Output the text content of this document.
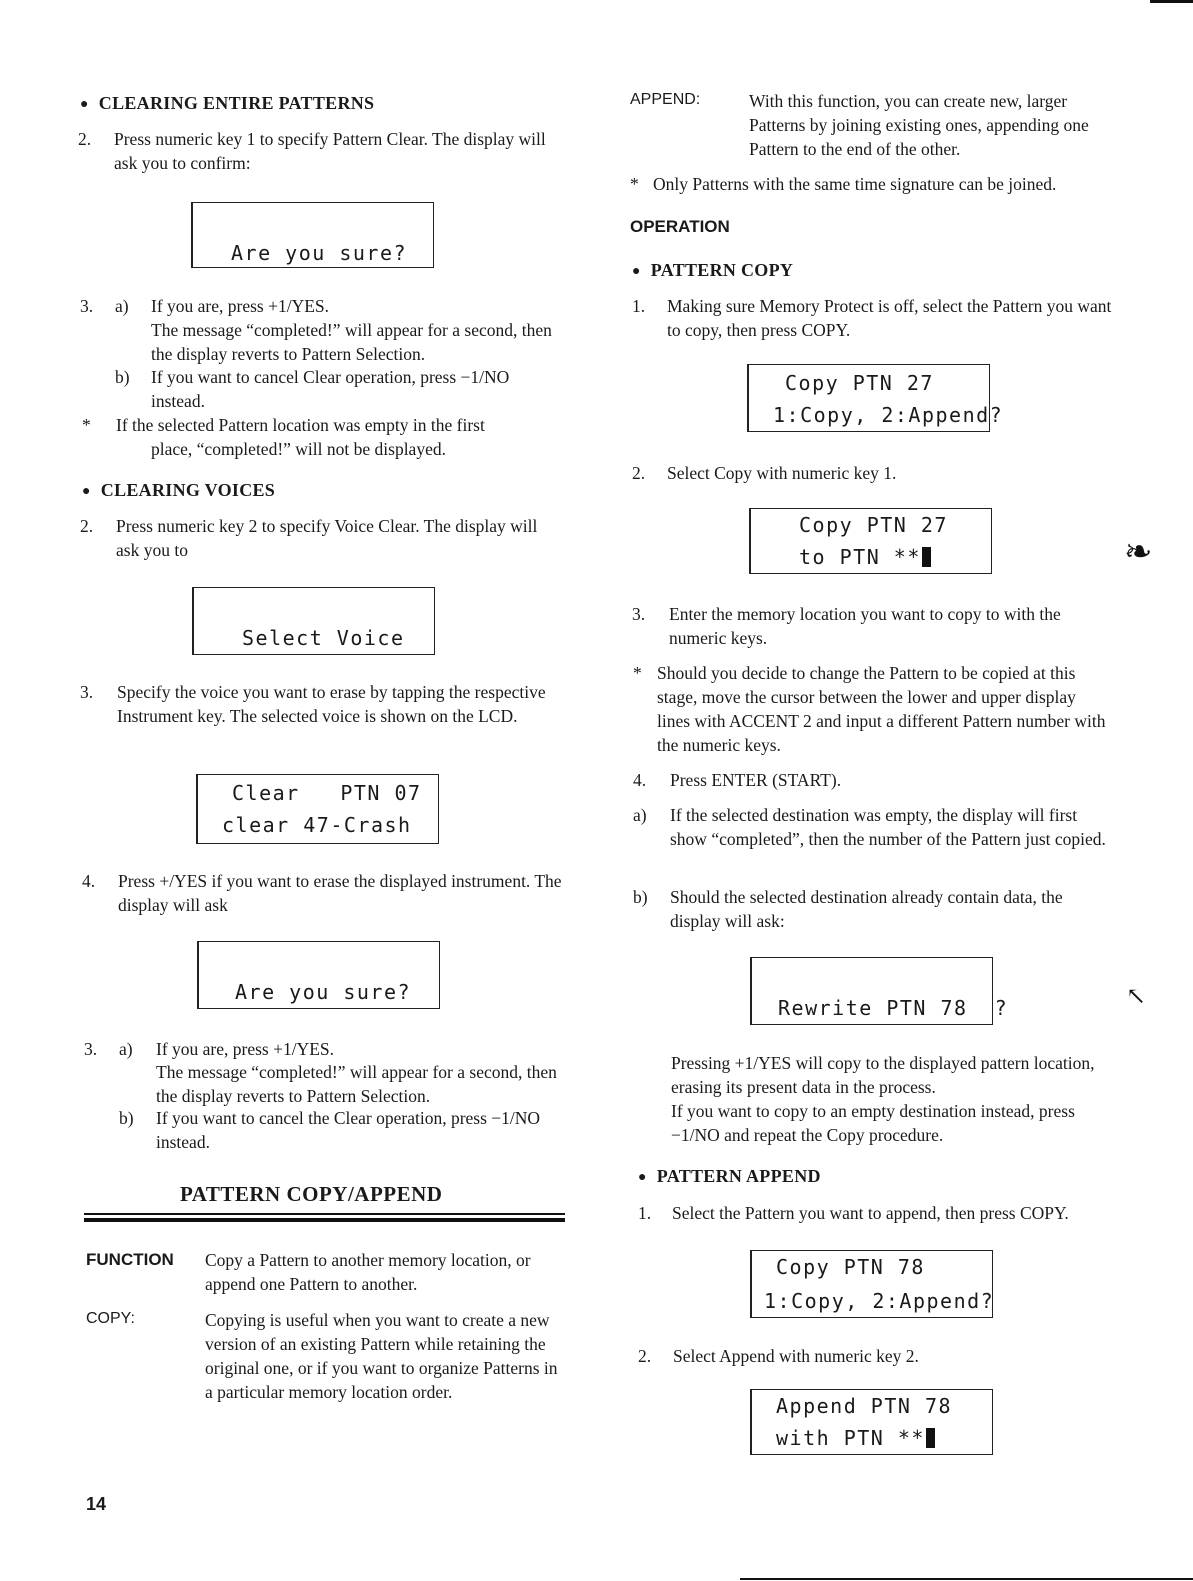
● CLEARING ENTIRE PATTERNS
2. Press numeric key 1 to specify Pattern Clear. The display will ask you to confirm:
Are you sure?
3. a) If you are, press +1/YES.
The message “completed!” will appear for a second, then the display reverts to Pattern Selection.
b) If you want to cancel Clear operation, press −1/NO instead.
* If the selected Pattern location was empty in the first
place, “completed!” will not be displayed.
● CLEARING VOICES
2. Press numeric key 2 to specify Voice Clear. The display will ask you to
Select Voice
3. Specify the voice you want to erase by tapping the respective Instrument key. The selected voice is shown on the LCD.
Clear   PTN 07
clear 47-Crash
4. Press +/YES if you want to erase the displayed instrument. The display will ask
Are you sure?
3. a) If you are, press +1/YES.
The message “completed!” will appear for a second, then the display reverts to Pattern Selection.
b) If you want to cancel the Clear operation, press −1/NO instead.
PATTERN COPY/APPEND
FUNCTION Copy a Pattern to another memory location, or append one Pattern to another.
COPY:	Copying is useful when you want to create a new version of an existing Pattern while retaining the original one, or if you want to organize Patterns in a particular memory location order.
14
APPEND:	With this function, you can create new, larger Patterns by joining existing ones, appending one Pattern to the end of the other.
* Only Patterns with the same time signature can be joined.
OPERATION
● PATTERN COPY
1. Making sure Memory Protect is off, select the Pattern you want to copy, then press COPY.
Copy PTN 27
1:Copy, 2:Append?
2. Select Copy with numeric key 1.
Copy PTN 27
to PTN **	❧
3. Enter the memory location you want to copy to with the numeric keys.
* Should you decide to change the Pattern to be copied at this stage, move the cursor between the lower and upper display lines with ACCENT 2 and input a different Pattern number with the numeric keys.
4. Press ENTER (START).
a) If the selected destination was empty, the display will first show “completed”, then the number of the Pattern just copied.
b) Should the selected destination already contain data, the display will ask:
Rewrite PTN 78  ?	↖
Pressing +1/YES will copy to the displayed pattern location, erasing its present data in the process.
If you want to copy to an empty destination instead, press −1/NO and repeat the Copy procedure.
● PATTERN APPEND
1. Select the Pattern you want to append, then press COPY.
Copy PTN 78
1:Copy, 2:Append?
2. Select Append with numeric key 2.
Append PTN 78
with PTN **
